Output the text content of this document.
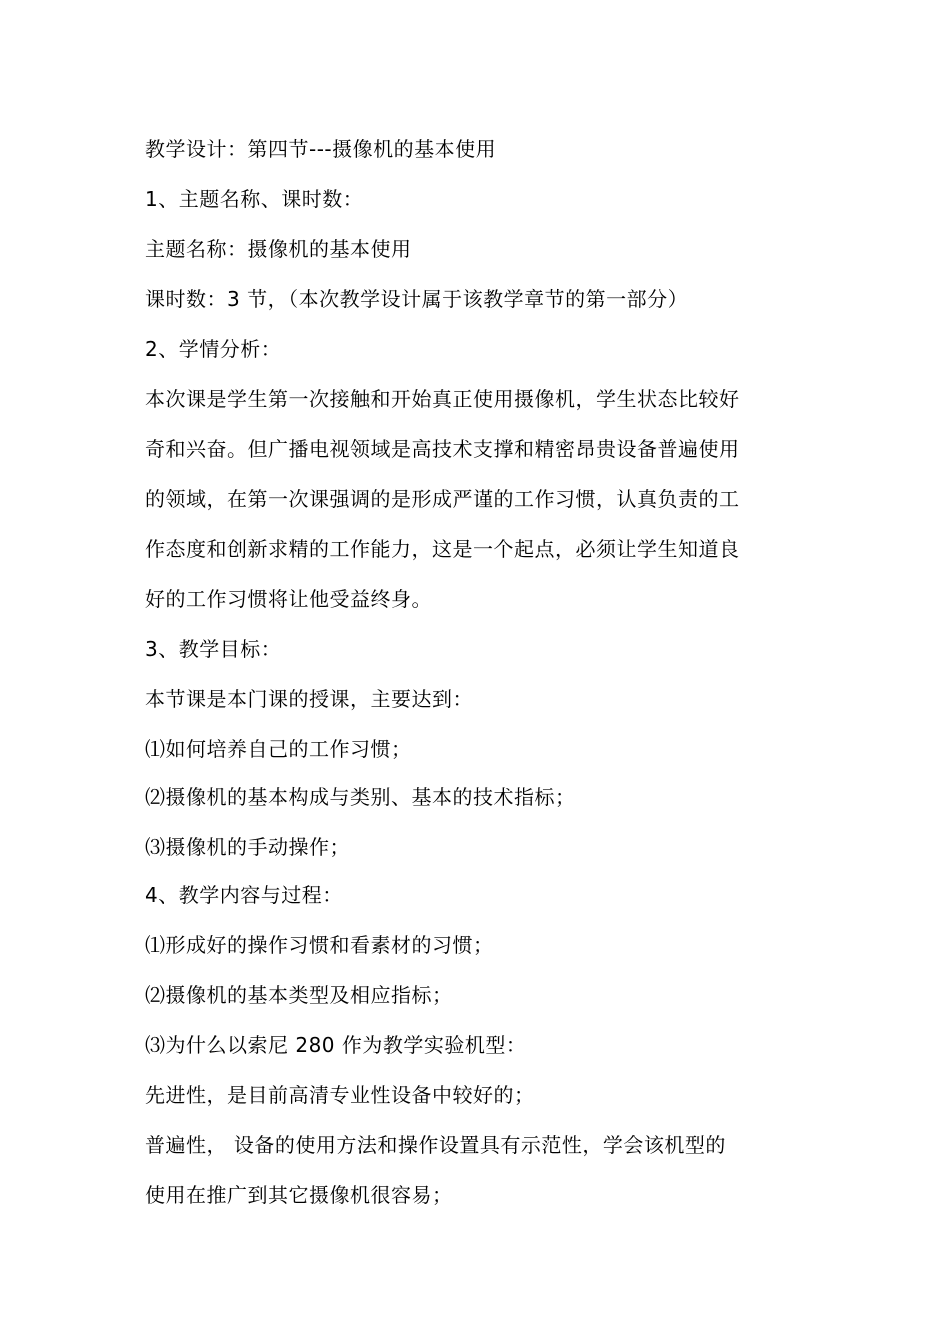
教学设计：第四节---摄像机的基本使用
1、主题名称、课时数：
主题名称：摄像机的基本使用
课时数：3 节，（本次教学设计属于该教学章节的第一部分）
2、学情分析：
本次课是学生第一次接触和开始真正使用摄像机，学生状态比较好
奇和兴奋。但广播电视领域是高技术支撑和精密昂贵设备普遍使用
的领域，在第一次课强调的是形成严谨的工作习惯，认真负责的工
作态度和创新求精的工作能力，这是一个起点，必须让学生知道良
好的工作习惯将让他受益终身。
3、教学目标：
本节课是本门课的授课，主要达到：
⑴如何培养自己的工作习惯；
⑵摄像机的基本构成与类别、基本的技术指标；
⑶摄像机的手动操作；
4、教学内容与过程：
⑴形成好的操作习惯和看素材的习惯；
⑵摄像机的基本类型及相应指标；
⑶为什么以索尼 280 作为教学实验机型：
先进性，是目前高清专业性设备中较好的；
普遍性， 设备的使用方法和操作设置具有示范性，学会该机型的
使用在推广到其它摄像机很容易；
